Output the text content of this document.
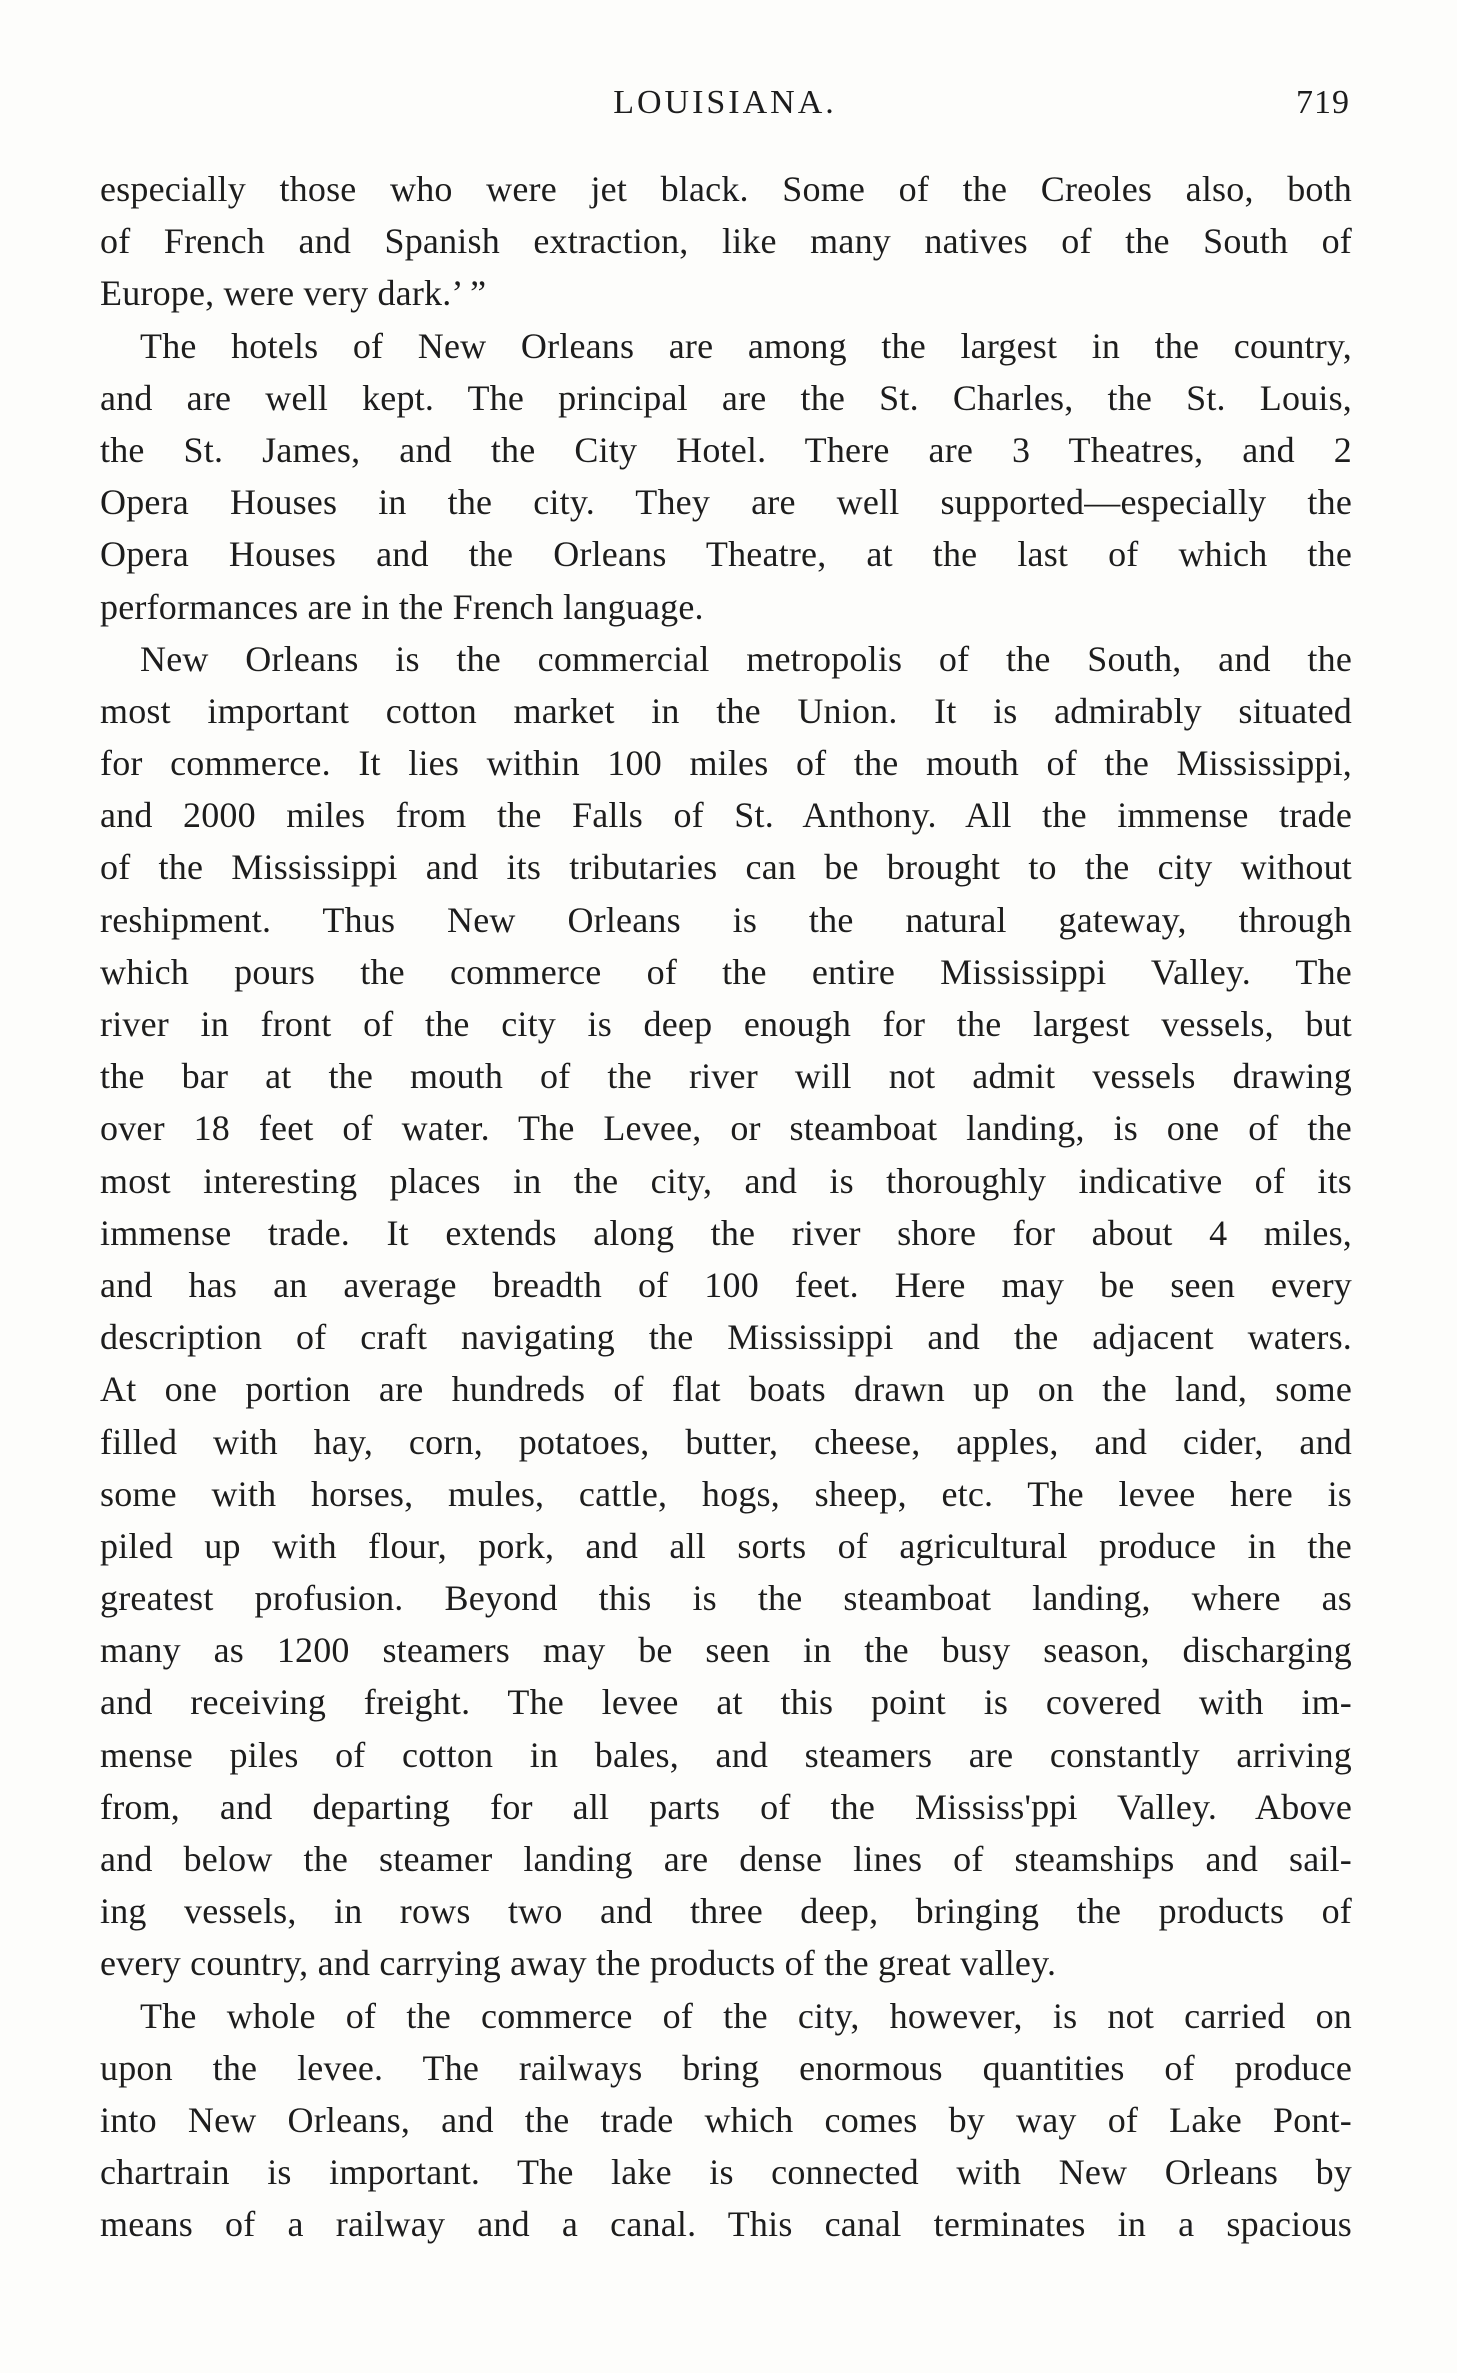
LOUISIANA.	719
especially those who were jet black. Some of the Creoles also, both
of French and Spanish extraction, like many natives of the South of
Europe, were very dark.’ ”
The hotels of New Orleans are among the largest in the country,
and are well kept. The principal are the St. Charles, the St. Louis,
the St. James, and the City Hotel. There are 3 Theatres, and 2
Opera Houses in the city. They are well supported—especially the
Opera Houses and the Orleans Theatre, at the last of which the
performances are in the French language.
New Orleans is the commercial metropolis of the South, and the
most important cotton market in the Union. It is admirably situated
for commerce. It lies within 100 miles of the mouth of the Mississippi,
and 2000 miles from the Falls of St. Anthony. All the immense trade
of the Mississippi and its tributaries can be brought to the city without
reshipment. Thus New Orleans is the natural gateway, through
which pours the commerce of the entire Mississippi Valley. The
river in front of the city is deep enough for the largest vessels, but
the bar at the mouth of the river will not admit vessels drawing
over 18 feet of water. The Levee, or steamboat landing, is one of the
most interesting places in the city, and is thoroughly indicative of its
immense trade. It extends along the river shore for about 4 miles,
and has an average breadth of 100 feet. Here may be seen every
description of craft navigating the Mississippi and the adjacent waters.
At one portion are hundreds of flat boats drawn up on the land, some
filled with hay, corn, potatoes, butter, cheese, apples, and cider, and
some with horses, mules, cattle, hogs, sheep, etc. The levee here is
piled up with flour, pork, and all sorts of agricultural produce in the
greatest profusion. Beyond this is the steamboat landing, where as
many as 1200 steamers may be seen in the busy season, discharging
and receiving freight. The levee at this point is covered with im-
mense piles of cotton in bales, and steamers are constantly arriving
from, and departing for all parts of the Mississ'ppi Valley. Above
and below the steamer landing are dense lines of steamships and sail-
ing vessels, in rows two and three deep, bringing the products of
every country, and carrying away the products of the great valley.
The whole of the commerce of the city, however, is not carried on
upon the levee. The railways bring enormous quantities of produce
into New Orleans, and the trade which comes by way of Lake Pont-
chartrain is important. The lake is connected with New Orleans by
means of a railway and a canal. This canal terminates in a spacious
